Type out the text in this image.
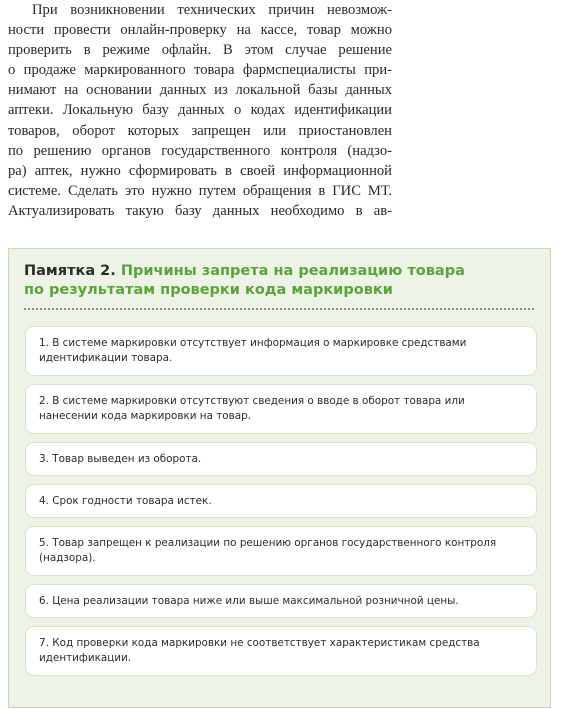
При возникновении технических причин невозмож-
ности провести онлайн-проверку на кассе, товар можно
проверить в режиме офлайн. В этом случае решение
о продаже маркированного товара фармспециалисты при-
нимают на основании данных из локальной базы данных
аптеки. Локальную базу данных о кодах идентификации
товаров, оборот которых запрещен или приостановлен
по решению органов государственного контроля (надзо-
ра) аптек, нужно сформировать в своей информационной
системе. Сделать это нужно путем обращения в ГИС МТ.
Актуализировать такую базу данных необходимо в ав-
Памятка 2. Причины запрета на реализацию товара
по результатам проверки кода маркировки
1. В системе маркировки отсутствует информация о маркировке средствами идентификации товара.
2. В системе маркировки отсутствуют сведения о вводе в оборот товара или нанесении кода маркировки на товар.
3. Товар выведен из оборота.
4. Срок годности товара истек.
5. Товар запрещен к реализации по решению органов государственного контроля (надзора).
6. Цена реализации товара ниже или выше максимальной розничной цены.
7. Код проверки кода маркировки не соответствует характеристикам средства идентификации.
